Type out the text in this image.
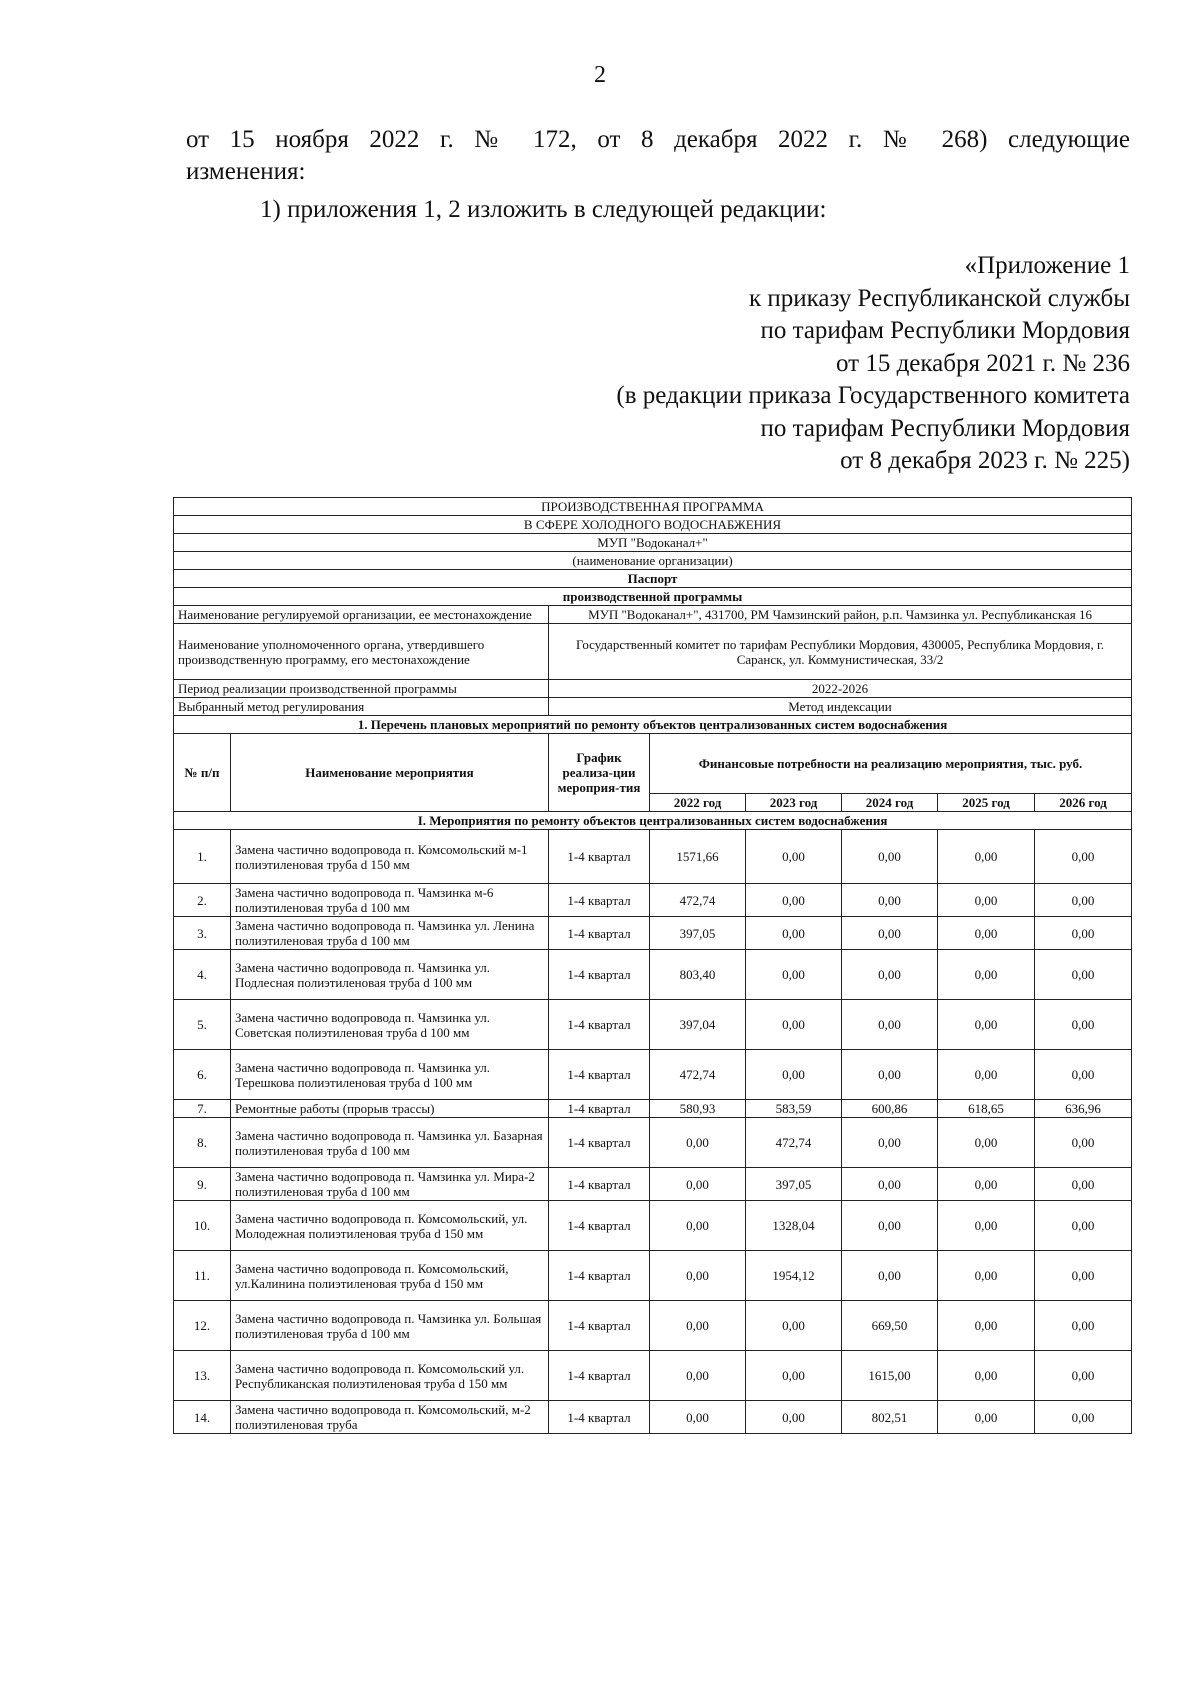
2
от 15 ноября 2022 г. № 172, от 8 декабря 2022 г. № 268) следующие
изменения:
1) приложения 1, 2 изложить в следующей редакции:
«Приложение 1
к приказу Республиканской службы
по тарифам Республики Мордовия
от 15 декабря 2021 г. № 236
(в редакции приказа Государственного комитета
по тарифам Республики Мордовия
от 8 декабря 2023 г. № 225)
ПРОИЗВОДСТВЕННАЯ ПРОГРАММА							
В СФЕРЕ ХОЛОДНОГО ВОДОСНАБЖЕНИЯ							
МУП "Водоканал+"							
(наименование организации)							
Паспорт							
производственной программы							
Наименование регулируемой организации, ее местонахождение		МУП "Водоканал+", 431700, РМ Чамзинский район, р.п. Чамзинка ул. Республиканская 16					
Наименование уполномоченного органа, утвердившего производственную программу, его местонахождение		Государственный комитет по тарифам Республики Мордовия, 430005, Республика Мордовия, г. Саранск, ул. Коммунистическая, 33/2					
Период реализации производственной программы		2022-2026					
Выбранный метод регулирования		Метод индексации					
1. Перечень плановых мероприятий по ремонту объектов централизованных систем водоснабжения							
№ п/п	Наименование мероприятия	График реализа-ции мероприя-тия	Финансовые потребности на реализацию мероприятия, тыс. руб.				
			2022 год	2023 год	2024 год	2025 год	2026 год
I. Мероприятия по ремонту объектов централизованных систем водоснабжения							
1.	Замена частично водопровода п. Комсомольский м-1 полиэтиленовая труба d 150 мм	1-4 квартал	1571,66	0,00	0,00	0,00	0,00
2.	Замена частично водопровода п. Чамзинка м-6 полиэтиленовая труба d 100 мм	1-4 квартал	472,74	0,00	0,00	0,00	0,00
3.	Замена частично водопровода п. Чамзинка ул. Ленина полиэтиленовая труба d 100 мм	1-4 квартал	397,05	0,00	0,00	0,00	0,00
4.	Замена частично водопровода п. Чамзинка ул. Подлесная полиэтиленовая труба d 100 мм	1-4 квартал	803,40	0,00	0,00	0,00	0,00
5.	Замена частично водопровода п. Чамзинка ул. Советская полиэтиленовая труба d 100 мм	1-4 квартал	397,04	0,00	0,00	0,00	0,00
6.	Замена частично водопровода п. Чамзинка ул. Терешкова полиэтиленовая труба d 100 мм	1-4 квартал	472,74	0,00	0,00	0,00	0,00
7.	Ремонтные работы (прорыв трассы)	1-4 квартал	580,93	583,59	600,86	618,65	636,96
8.	Замена частично водопровода п. Чамзинка ул. Базарная полиэтиленовая труба d 100 мм	1-4 квартал	0,00	472,74	0,00	0,00	0,00
9.	Замена частично водопровода п. Чамзинка ул. Мира-2 полиэтиленовая труба d 100 мм	1-4 квартал	0,00	397,05	0,00	0,00	0,00
10.	Замена частично водопровода п. Комсомольский, ул. Молодежная полиэтиленовая труба d 150 мм	1-4 квартал	0,00	1328,04	0,00	0,00	0,00
11.	Замена частично водопровода п. Комсомольский, ул.Калинина полиэтиленовая труба d 150 мм	1-4 квартал	0,00	1954,12	0,00	0,00	0,00
12.	Замена частично водопровода п. Чамзинка ул. Большая полиэтиленовая труба d 100 мм	1-4 квартал	0,00	0,00	669,50	0,00	0,00
13.	Замена частично водопровода п. Комсомольский ул. Республиканская полиэтиленовая труба d 150 мм	1-4 квартал	0,00	0,00	1615,00	0,00	0,00
14.	Замена частично водопровода п. Комсомольский, м-2 полиэтиленовая труба	1-4 квартал	0,00	0,00	802,51	0,00	0,00
